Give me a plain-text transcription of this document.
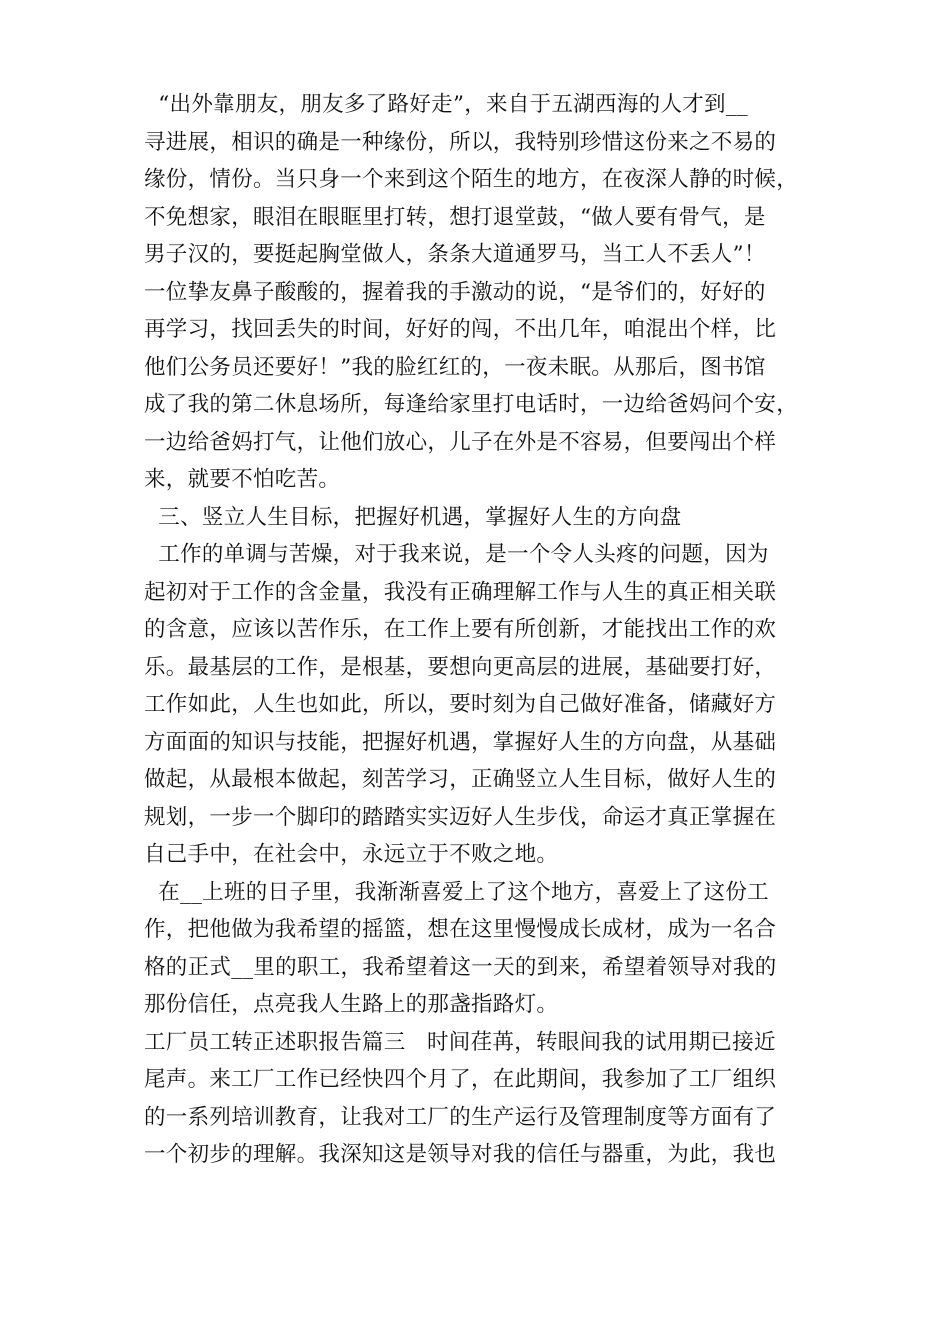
“出外靠朋友，朋友多了路好走”，来自于五湖西海的人才到__
寻进展，相识的确是一种缘份，所以，我特别珍惜这份来之不易的
缘份，情份。当只身一个来到这个陌生的地方，在夜深人静的时候，
不免想家，眼泪在眼眶里打转，想打退堂鼓，“做人要有骨气，是
男子汉的，要挺起胸堂做人，条条大道通罗马，当工人不丢人”！
一位挚友鼻子酸酸的，握着我的手激动的说，“是爷们的，好好的
再学习，找回丢失的时间，好好的闯，不出几年，咱混出个样，比
他们公务员还要好！”我的脸红红的，一夜未眠。从那后，图书馆
成了我的第二休息场所，每逢给家里打电话时，一边给爸妈问个安，
一边给爸妈打气，让他们放心，儿子在外是不容易，但要闯出个样
来，就要不怕吃苦。
三、竖立人生目标，把握好机遇，掌握好人生的方向盘
工作的单调与苦燥，对于我来说，是一个令人头疼的问题，因为
起初对于工作的含金量，我没有正确理解工作与人生的真正相关联
的含意，应该以苦作乐，在工作上要有所创新，才能找出工作的欢
乐。最基层的工作，是根基，要想向更高层的进展，基础要打好，
工作如此，人生也如此，所以，要时刻为自己做好准备，储藏好方
方面面的知识与技能，把握好机遇，掌握好人生的方向盘，从基础
做起，从最根本做起，刻苦学习，正确竖立人生目标，做好人生的
规划，一步一个脚印的踏踏实实迈好人生步伐，命运才真正掌握在
自己手中，在社会中，永远立于不败之地。
在__上班的日子里，我渐渐喜爱上了这个地方，喜爱上了这份工
作，把他做为我希望的摇篮，想在这里慢慢成长成材，成为一名合
格的正式__里的职工，我希望着这一天的到来，希望着领导对我的
那份信任，点亮我人生路上的那盏指路灯。
工厂员工转正述职报告篇三   时间荏苒，转眼间我的试用期已接近
尾声。来工厂工作已经快四个月了，在此期间，我参加了工厂组织
的一系列培训教育，让我对工厂的生产运行及管理制度等方面有了
一个初步的理解。我深知这是领导对我的信任与器重，为此，我也
